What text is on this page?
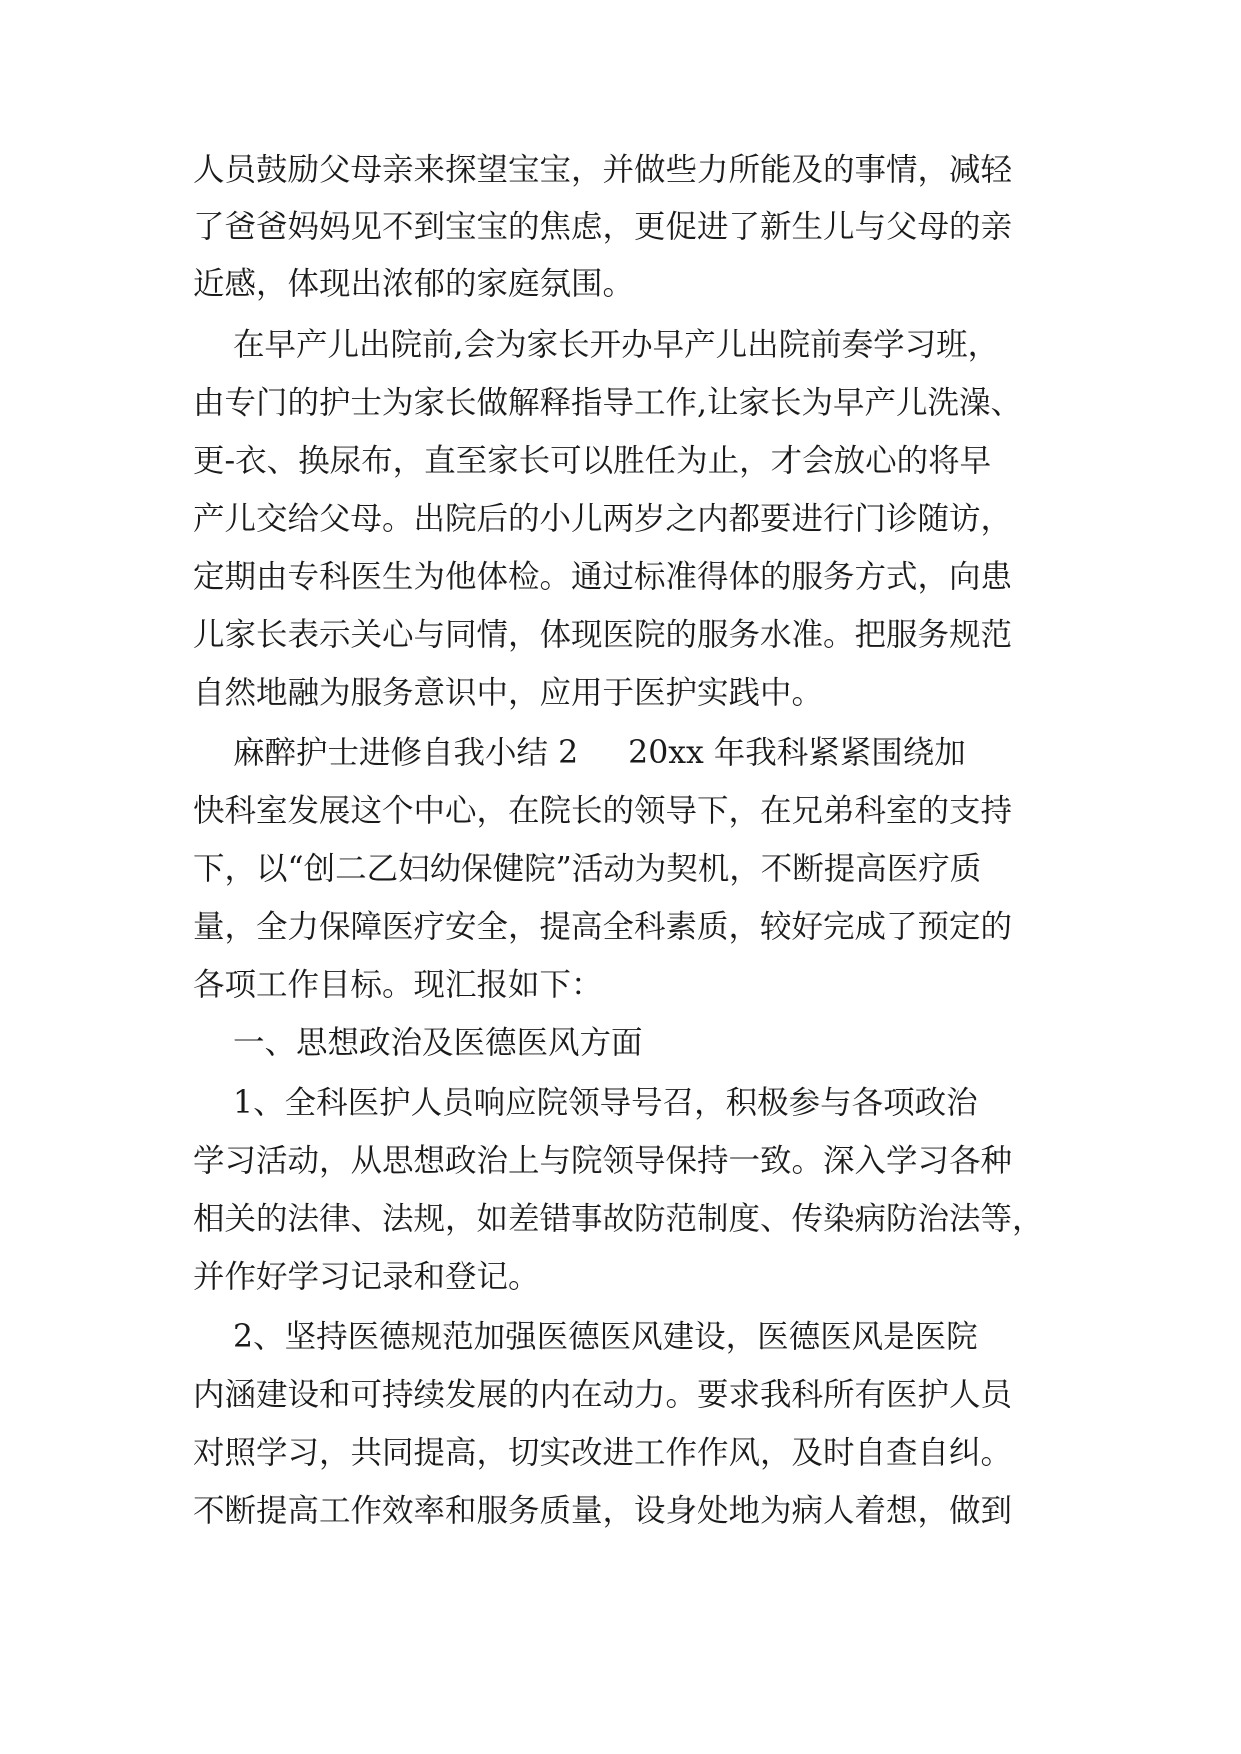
人员鼓励父母亲来探望宝宝，并做些力所能及的事情，减轻
了爸爸妈妈见不到宝宝的焦虑，更促进了新生儿与父母的亲
近感，体现出浓郁的家庭氛围。
在早产儿出院前,会为家长开办早产儿出院前奏学习班，
由专门的护士为家长做解释指导工作,让家长为早产儿洗澡、
更-衣、换尿布，直至家长可以胜任为止，才会放心的将早
产儿交给父母。出院后的小儿两岁之内都要进行门诊随访，
定期由专科医生为他体检。通过标准得体的服务方式，向患
儿家长表示关心与同情，体现医院的服务水准。把服务规范
自然地融为服务意识中，应用于医护实践中。
麻醉护士进修自我小结 2     20xx 年我科紧紧围绕加
快科室发展这个中心，在院长的领导下，在兄弟科室的支持
下，以“创二乙妇幼保健院”活动为契机，不断提高医疗质
量，全力保障医疗安全，提高全科素质，较好完成了预定的
各项工作目标。现汇报如下：
一、思想政治及医德医风方面
1、全科医护人员响应院领导号召，积极参与各项政治
学习活动，从思想政治上与院领导保持一致。深入学习各种
相关的法律、法规，如差错事故防范制度、传染病防治法等，
并作好学习记录和登记。
2、坚持医德规范加强医德医风建设，医德医风是医院
内涵建设和可持续发展的内在动力。要求我科所有医护人员
对照学习，共同提高，切实改进工作作风，及时自查自纠。
不断提高工作效率和服务质量，设身处地为病人着想，做到
